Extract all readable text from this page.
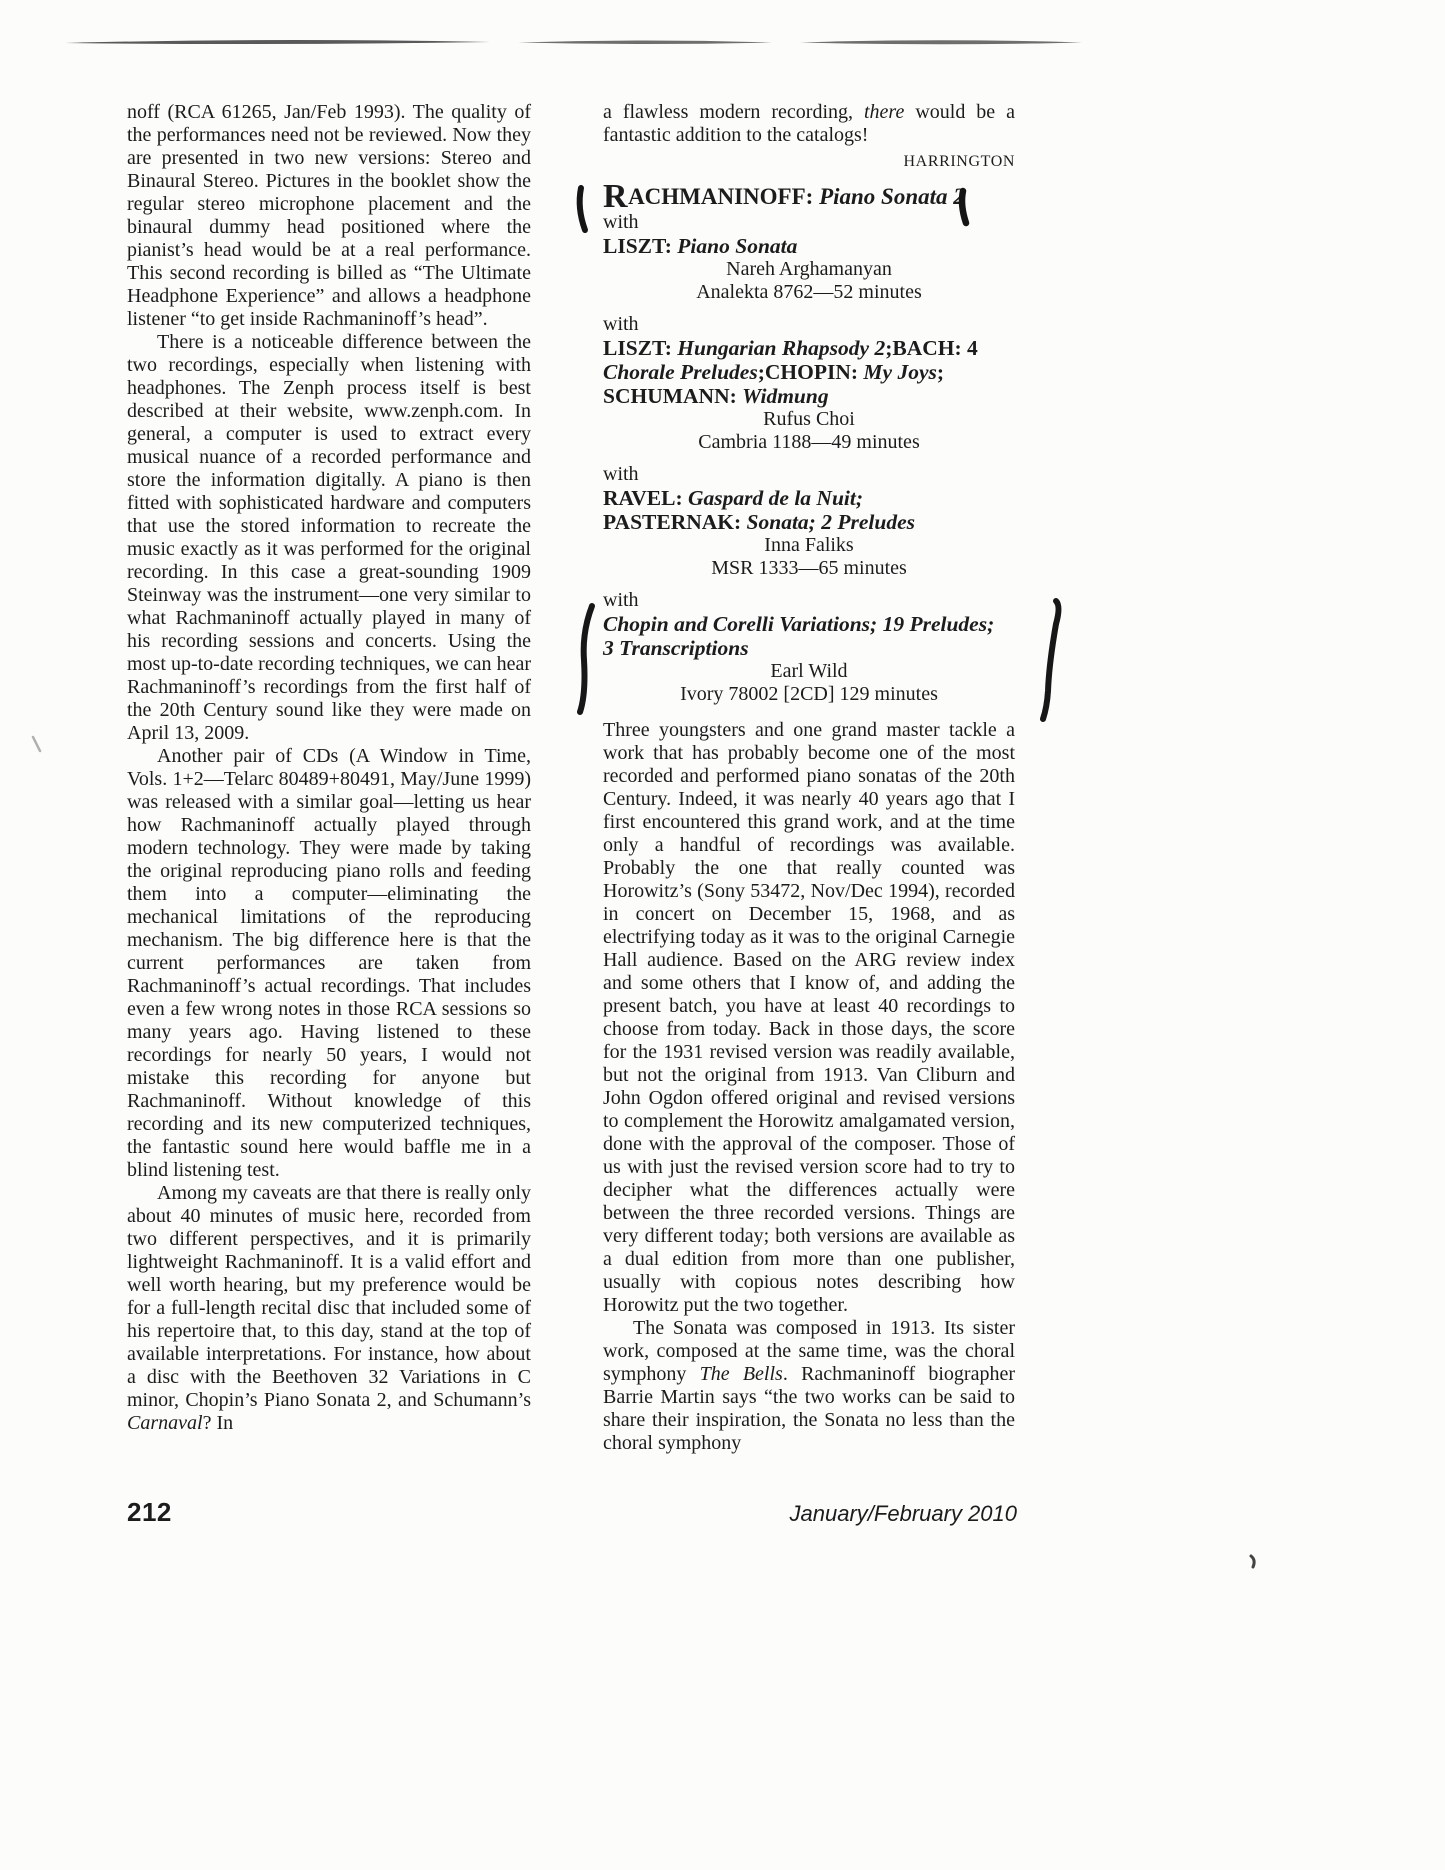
noff (RCA 61265, Jan/Feb 1993). The quality of the performances need not be reviewed. Now they are presented in two new versions: Stereo and Binaural Stereo. Pictures in the booklet show the regular stereo microphone placement and the binaural dummy head positioned where the pianist’s head would be at a real performance. This second recording is billed as “The Ultimate Headphone Experience” and allows a headphone listener “to get inside Rachmaninoff’s head”.

There is a noticeable difference between the two recordings, especially when listening with headphones. The Zenph process itself is best described at their website, www.zenph.com. In general, a computer is used to extract every musical nuance of a recorded performance and store the information digitally. A piano is then fitted with sophisticated hardware and computers that use the stored information to recreate the music exactly as it was performed for the original recording. In this case a great-sounding 1909 Steinway was the instrument—one very similar to what Rachmaninoff actually played in many of his recording sessions and concerts. Using the most up-to-date recording techniques, we can hear Rachmaninoff’s recordings from the first half of the 20th Century sound like they were made on April 13, 2009.

Another pair of CDs (A Window in Time, Vols. 1+2—Telarc 80489+80491, May/June 1999) was released with a similar goal—letting us hear how Rachmaninoff actually played through modern technology. They were made by taking the original reproducing piano rolls and feeding them into a computer—eliminating the mechanical limitations of the reproducing mechanism. The big difference here is that the current performances are taken from Rachmaninoff’s actual recordings. That includes even a few wrong notes in those RCA sessions so many years ago. Having listened to these recordings for nearly 50 years, I would not mistake this recording for anyone but Rachmaninoff. Without knowledge of this recording and its new computerized techniques, the fantastic sound here would baffle me in a blind listening test.

Among my caveats are that there is really only about 40 minutes of music here, recorded from two different perspectives, and it is primarily lightweight Rachmaninoff. It is a valid effort and well worth hearing, but my preference would be for a full-length recital disc that included some of his repertoire that, to this day, stand at the top of available interpretations. For instance, how about a disc with the Beethoven 32 Variations in C minor, Chopin’s Piano Sonata 2, and Schumann’s Carnaval? In

a flawless modern recording, there would be a fantastic addition to the catalogs!

HARRINGTON
RACHMANINOFF: Piano Sonata 2
with
LISZT: Piano Sonata
Nareh Arghamanyan
Analekta 8762—52 minutes
with
LISZT: Hungarian Rhapsody 2;BACH: 4 Chorale Preludes;CHOPIN: My Joys; SCHUMANN: Widmung
Rufus Choi
Cambria 1188—49 minutes
with
RAVEL: Gaspard de la Nuit;
PASTERNAK: Sonata; 2 Preludes
Inna Faliks
MSR 1333—65 minutes
with
Chopin and Corelli Variations; 19 Preludes;
3 Transcriptions
Earl Wild
Ivory 78002 [2CD] 129 minutes

Three youngsters and one grand master tackle a work that has probably become one of the most recorded and performed piano sonatas of the 20th Century. Indeed, it was nearly 40 years ago that I first encountered this grand work, and at the time only a handful of recordings was available. Probably the one that really counted was Horowitz’s (Sony 53472, Nov/Dec 1994), recorded in concert on December 15, 1968, and as electrifying today as it was to the original Carnegie Hall audience. Based on the ARG review index and some others that I know of, and adding the present batch, you have at least 40 recordings to choose from today. Back in those days, the score for the 1931 revised version was readily available, but not the original from 1913. Van Cliburn and John Ogdon offered original and revised versions to complement the Horowitz amalgamated version, done with the approval of the composer. Those of us with just the revised version score had to try to decipher what the differences actually were between the three recorded versions. Things are very different today; both versions are available as a dual edition from more than one publisher, usually with copious notes describing how Horowitz put the two together.

The Sonata was composed in 1913. Its sister work, composed at the same time, was the choral symphony The Bells. Rachmaninoff biographer Barrie Martin says “the two works can be said to share their inspiration, the Sonata no less than the choral symphony

212	January/February 2010
